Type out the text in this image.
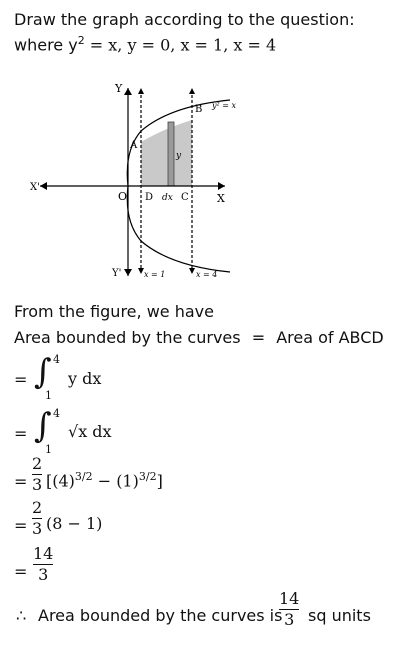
Draw the graph according to the question:
where $y^2 = x$, y = 0, x = 1, x = 4
Y
Y'
X
X'
O
A
B
C
D dx
y
y² = x
x = 1	x = 4
From the figure, we have
Area bounded by the curves = Area of ABCD
= ∫ 4
1
y dx
= ∫ 4
1
√x dx
=
2
3 $[(4)^{3/2} - (1)^{3/2}]$
=
2
3 (8 − 1)
=
14
3
∴ Area bounded by the curves is
14
3 sq units
